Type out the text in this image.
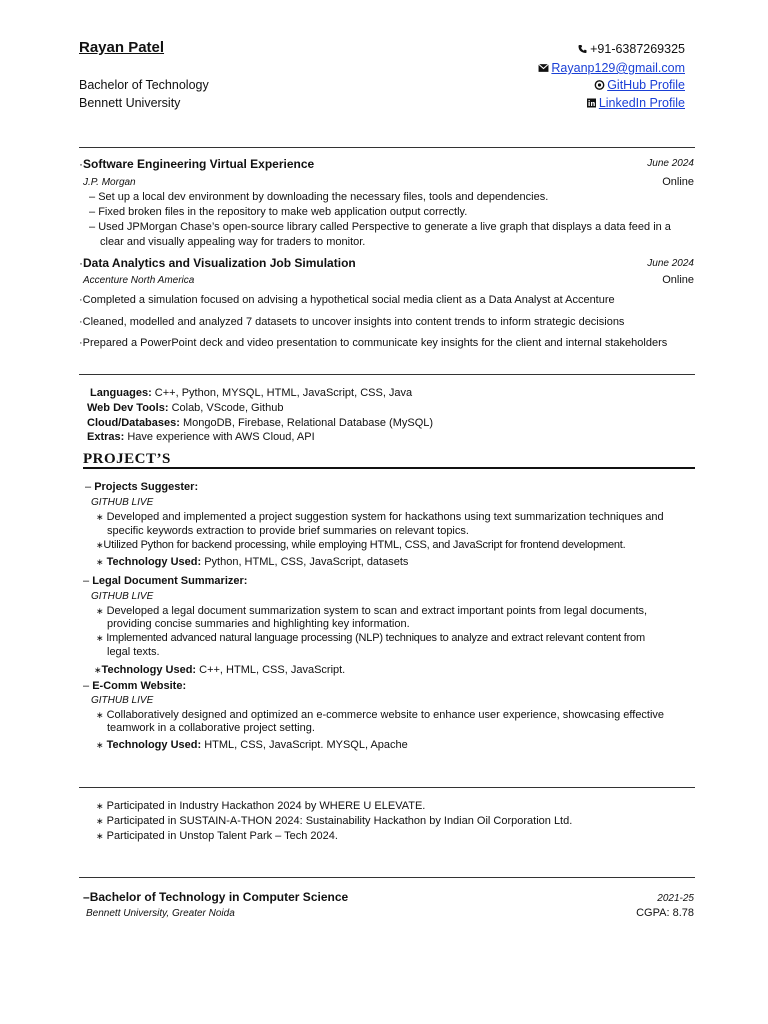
Rayan Patel
Bachelor of Technology
Bennett University
+91-6387269325
Rayanp129@gmail.com
GitHub Profile
LinkedIn Profile
·Software Engineering Virtual Experience	June 2024
J.P. Morgan	Online
– Set up a local dev environment by downloading the necessary files, tools and dependencies.
– Fixed broken files in the repository to make web application output correctly.
– Used JPMorgan Chase’s open-source library called Perspective to generate a live graph that displays a data feed in a
clear and visually appealing way for traders to monitor.
·Data Analytics and Visualization Job Simulation	June 2024
Accenture North America	Online
·Completed a simulation focused on advising a hypothetical social media client as a Data Analyst at Accenture
·Cleaned, modelled and analyzed 7 datasets to uncover insights into content trends to inform strategic decisions
·Prepared a PowerPoint deck and video presentation to communicate key insights for the client and internal stakeholders
Languages: C++, Python, MYSQL, HTML, JavaScript, CSS, Java
Web Dev Tools: Colab, VScode, Github
Cloud/Databases: MongoDB, Firebase, Relational Database (MySQL)
Extras: Have experience with AWS Cloud, API
PROJECT’S
– Projects Suggester:
GITHUB LIVE
∗ Developed and implemented a project suggestion system for hackathons using text summarization techniques and
specific keywords extraction to provide brief summaries on relevant topics.
∗Utilized Python for backend processing, while employing HTML, CSS, and JavaScript for frontend development.
∗ Technology Used: Python, HTML, CSS, JavaScript, datasets
– Legal Document Summarizer:
GITHUB LIVE
∗ Developed a legal document summarization system to scan and extract important points from legal documents,
providing concise summaries and highlighting key information.
∗ Implemented advanced natural language processing (NLP) techniques to analyze and extract relevant content from
legal texts.
∗Technology Used: C++, HTML, CSS, JavaScript.
– E-Comm Website:
GITHUB LIVE
∗ Collaboratively designed and optimized an e-commerce website to enhance user experience, showcasing effective
teamwork in a collaborative project setting.
∗ Technology Used: HTML, CSS, JavaScript. MYSQL, Apache
∗ Participated in Industry Hackathon 2024 by WHERE U ELEVATE.
∗ Participated in SUSTAIN-A-THON 2024: Sustainability Hackathon by Indian Oil Corporation Ltd.
∗ Participated in Unstop Talent Park – Tech 2024.
–Bachelor of Technology in Computer Science	2021-25
Bennett University, Greater Noida	CGPA: 8.78
